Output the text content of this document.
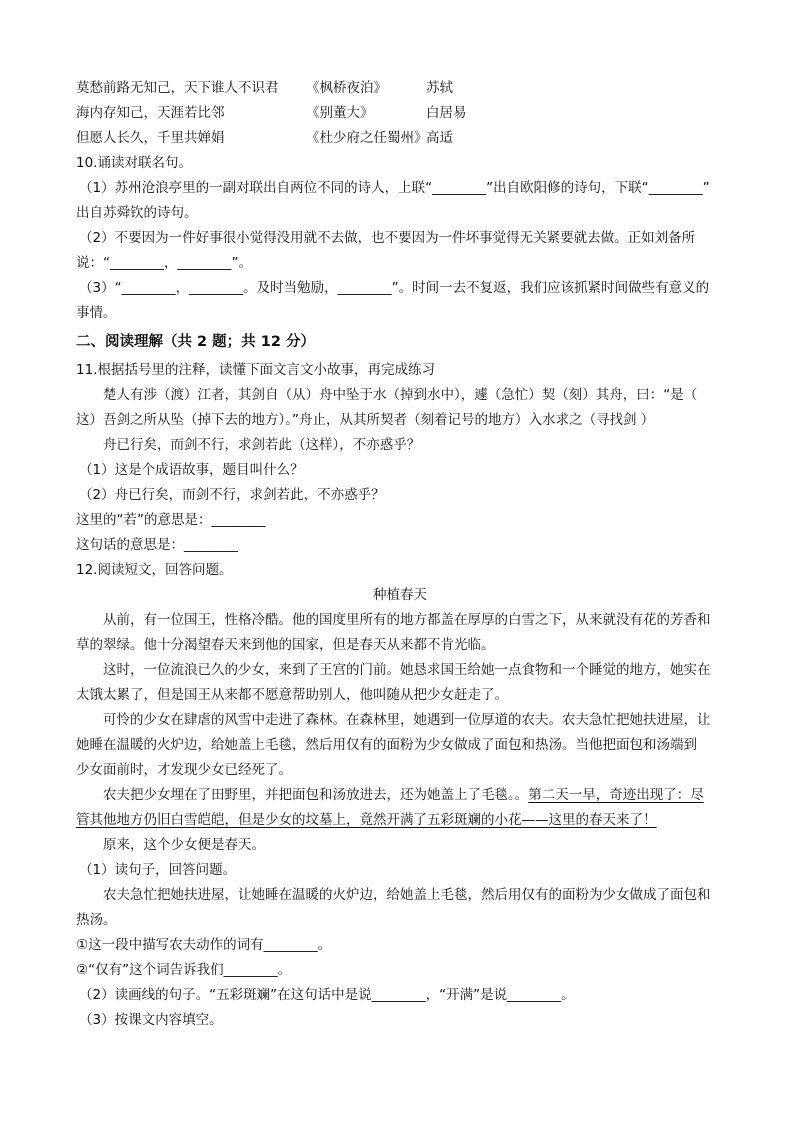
莫愁前路无知己，天下谁人不识君 《枫桥夜泊》	苏轼
海内存知己，天涯若比邻	《别董大》	白居易
但愿人长久，千里共婵娟	《杜少府之任蜀州》高适
10.诵读对联名句。
（1）苏州沧浪亭里的一副对联出自两位不同的诗人，上联“________”出自欧阳修的诗句，下联“________”
出自苏舜钦的诗句。
（2）不要因为一件好事很小觉得没用就不去做，也不要因为一件坏事觉得无关紧要就去做。正如刘备所
说：“________，________”。
（3）“________，________。及时当勉励，________”。时间一去不复返，我们应该抓紧时间做些有意义的
事情。
二、阅读理解（共 2 题；共 12 分）
11.根据括号里的注释，读懂下面文言文小故事，再完成练习
楚人有涉（渡）江者，其剑自（从）舟中坠于水（掉到水中），遽（急忙）契（刻）其舟，曰：“是（
这）吾剑之所从坠（掉下去的地方）。”舟止，从其所契者（刻着记号的地方）入水求之（寻找剑 ）
舟已行矣，而剑不行，求剑若此（这样），不亦惑乎？
（1）这是个成语故事，题目叫什么？
（2）舟已行矣，而剑不行，求剑若此，不亦惑乎？
这里的“若”的意思是：________
这句话的意思是：________
12.阅读短文，回答问题。
种植春天
从前，有一位国王，性格冷酷。他的国度里所有的地方都盖在厚厚的白雪之下，从来就没有花的芳香和
草的翠绿。他十分渴望春天来到他的国家，但是春天从来都不肯光临。
这时，一位流浪已久的少女，来到了王宫的门前。她恳求国王给她一点食物和一个睡觉的地方，她实在
太饿太累了，但是国王从来都不愿意帮助别人，他叫随从把少女赶走了。
可怜的少女在肆虐的风雪中走进了森林。在森林里，她遇到一位厚道的农夫。农夫急忙把她扶进屋，让
她睡在温暖的火炉边，给她盖上毛毯，然后用仅有的面粉为少女做成了面包和热汤。当他把面包和汤端到
少女面前时，才发现少女已经死了。
农夫把少女埋在了田野里，并把面包和汤放进去，还为她盖上了毛毯。。第二天一早，奇迹出现了：尽
管其他地方仍旧白雪皑皑，但是少女的坟墓上，竟然开满了五彩斑斓的小花——这里的春天来了！
原来，这个少女便是春天。
（1）读句子，回答问题。
农夫急忙把她扶进屋，让她睡在温暖的火炉边，给她盖上毛毯，然后用仅有的面粉为少女做成了面包和
热汤。
①这一段中描写农夫动作的词有________。
②“仅有”这个词告诉我们________。
（2）读画线的句子。“五彩斑斓”在这句话中是说________，“开满”是说________。
（3）按课文内容填空。
